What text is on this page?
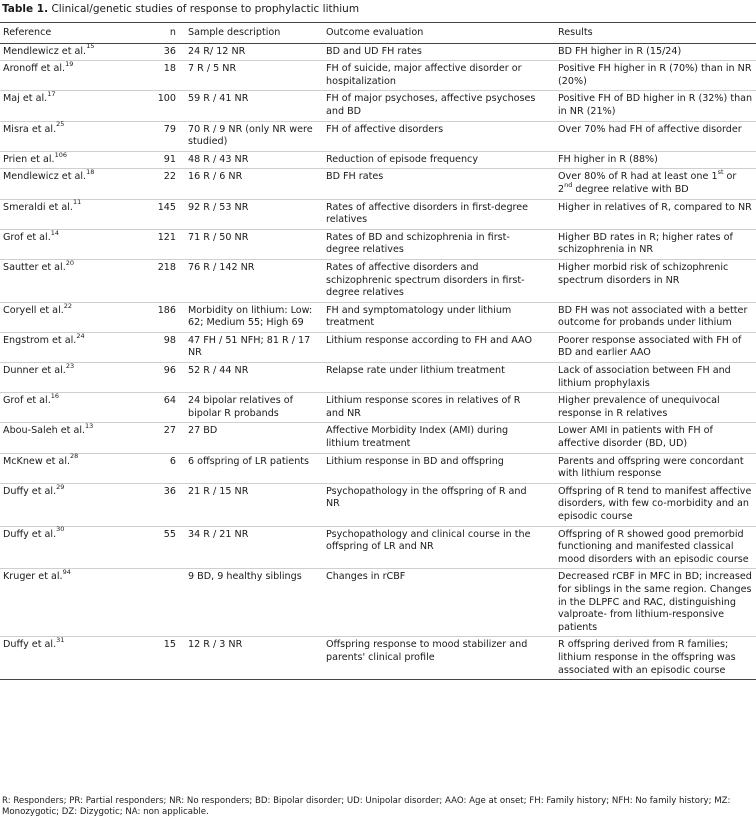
Table 1. Clinical/genetic studies of response to prophylactic lithium
Reference	n	Sample description	Outcome evaluation	Results
Mendlewicz et al.$^{15}$	36	24 R/ 12 NR	BD and UD FH rates	BD FH higher in R (15/24)
Aronoff et al.$^{19}$	18	7 R / 5 NR	FH of suicide, major affective disorder or hospitalization	Positive FH higher in R (70%) than in NR (20%)
Maj et al.$^{17}$	100	59 R / 41 NR	FH of major psychoses, affective psychoses and BD	Positive FH of BD higher in R (32%) than in NR (21%)
Misra et al.$^{25}$	79	70 R / 9 NR (only NR were studied)	FH of affective disorders	Over 70% had FH of affective disorder
Prien et al.$^{106}$	91	48 R / 43 NR	Reduction of episode frequency	FH higher in R (88%)
Mendlewicz et al.$^{18}$	22	16 R / 6 NR	BD FH rates	Over 80% of R had at least one 1st or 2nd degree relative with BD
Smeraldi et al.$^{11}$	145	92 R / 53 NR	Rates of affective disorders in first-degree relatives	Higher in relatives of R, compared to NR
Grof et al.$^{14}$	121	71 R / 50 NR	Rates of BD and schizophrenia in first-degree relatives	Higher BD rates in R; higher rates of schizophrenia in NR
Sautter et al.$^{20}$	218	76 R / 142 NR	Rates of affective disorders and schizophrenic spectrum disorders in first-degree relatives	Higher morbid risk of schizophrenic spectrum disorders in NR
Coryell et al.$^{22}$	186	Morbidity on lithium: Low: 62; Medium 55; High 69	FH and symptomatology under lithium treatment	BD FH was not associated with a better outcome for probands under lithium
Engstrom et al.$^{24}$	98	47 FH / 51 NFH; 81 R / 17 NR	Lithium response according to FH and AAO	Poorer response associated with FH of BD and earlier AAO
Dunner et al.$^{23}$	96	52 R / 44 NR	Relapse rate under lithium treatment	Lack of association between FH and lithium prophylaxis
Grof et al.$^{16}$	64	24 bipolar relatives of bipolar R probands	Lithium response scores in relatives of R and NR	Higher prevalence of unequivocal response in R relatives
Abou-Saleh et al.$^{13}$	27	27 BD	Affective Morbidity Index (AMI) during lithium treatment	Lower AMI in patients with FH of affective disorder (BD, UD)
McKnew et al.$^{28}$	6	6 offspring of LR patients	Lithium response in BD and offspring	Parents and offspring were concordant with lithium response
Duffy et al.$^{29}$	36	21 R / 15 NR	Psychopathology in the offspring of R and NR	Offspring of R tend to manifest affective disorders, with few co-morbidity and an episodic course
Duffy et al.$^{30}$	55	34 R / 21 NR	Psychopathology and clinical course in the offspring of LR and NR	Offspring of R showed good premorbid functioning and manifested classical mood disorders with an episodic course
Kruger et al.$^{94}$		9 BD, 9 healthy siblings	Changes in rCBF	Decreased rCBF in MFC in BD; increased for siblings in the same region. Changes in the DLPFC and RAC, distinguishing valproate- from lithium-responsive patients
Duffy et al.$^{31}$	15	12 R / 3 NR	Offspring response to mood stabilizer and parents' clinical profile	R offspring derived from R families; lithium response in the offspring was associated with an episodic course
R: Responders; PR: Partial responders; NR: No responders; BD: Bipolar disorder; UD: Unipolar disorder; AAO: Age at onset; FH: Family history; NFH: No family history; MZ: Monozygotic; DZ: Dizygotic; NA: non applicable.
